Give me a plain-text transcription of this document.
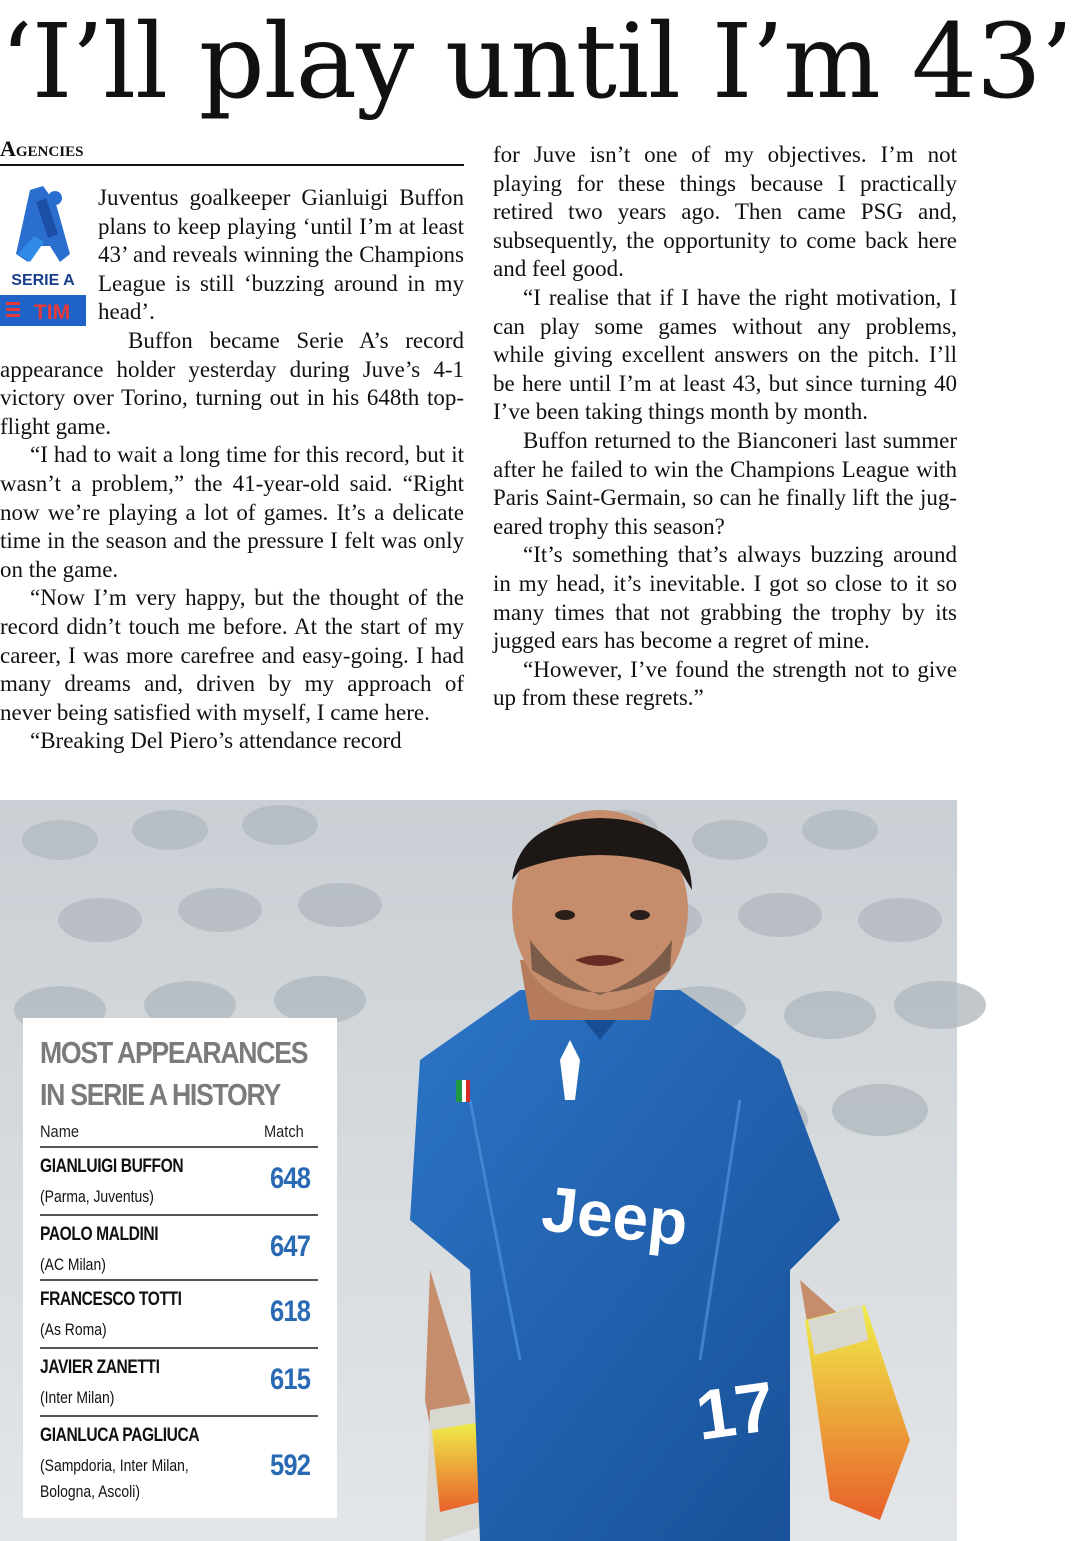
‘I’ll play until I’m 43’
Agencies
SERIE A
TIM

Juventus goalkeeper Gianluigi Buffon plans to keep playing ‘until I’m at least 43’ and reveals winning the Champions League is still ‘buzzing around in my head’.

Buffon became Serie A’s record appearance holder yesterday during Juve’s 4-1 victory over Torino, turning out in his 648th top-flight game.

“I had to wait a long time for this record, but it wasn’t a problem,” the 41-year-old said. “Right now we’re playing a lot of games. It’s a delicate time in the season and the pressure I felt was only on the game.

“Now I’m very happy, but the thought of the record didn’t touch me before. At the start of my career, I was more carefree and easy-going. I had many dreams and, driven by my approach of never being satisfied with myself, I came here.

“Breaking Del Piero’s attendance record

for Juve isn’t one of my objectives. I’m not playing for these things because I practically retired two years ago. Then came PSG and, subsequently, the opportunity to come back here and feel good.

“I realise that if I have the right motivation, I can play some games without any problems, while giving excellent answers on the pitch. I’ll be here until I’m at least 43, but since turning 40 I’ve been taking things month by month.

Buffon returned to the Bianconeri last summer after he failed to win the Champions League with Paris Saint-Germain, so can he finally lift the jug-eared trophy this season?

“It’s something that’s always buzzing around in my head, it’s inevitable. I got so close to it so many times that not grabbing the trophy by its jugged ears has become a regret of mine.

“However, I’ve found the strength not to give up from these regrets.”

Jeep
17
MOST APPEARANCES
IN SERIE A HISTORY
Name	Match
GIANLUIGI BUFFON
(Parma, Juventus)
648
PAOLO MALDINI
(AC Milan)
647
FRANCESCO TOTTI
(As Roma)
618
JAVIER ZANETTI
(Inter Milan)
615
GIANLUCA PAGLIUCA
(Sampdoria, Inter Milan,
Bologna, Ascoli)
592
